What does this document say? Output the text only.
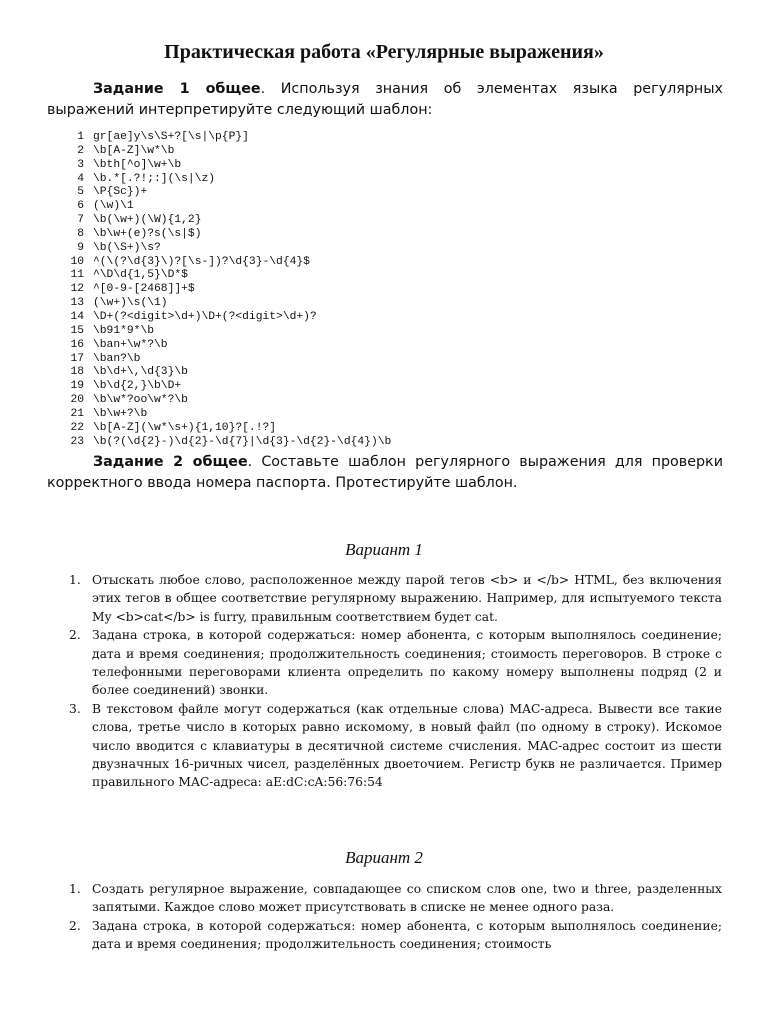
Практическая работа «Регулярные выражения»

Задание 1 общее. Используя знания об элементах языка регулярных выражений интерпретируйте следующий шаблон:

1 gr[ae]y\s\S+?[\s|\p{P}]
2 \b[A-Z]\w*\b
3 \bth[^o]\w+\b
4 \b.*[.?!;:](\s|\z)
5 \P{Sc})+
6 (\w)\1
7 \b(\w+)(\W){1,2}
8 \b\w+(e)?s(\s|$)
9 \b(\S+)\s?
10 ^(\(?\d{3}\)?[\s-])?\d{3}-\d{4}$
11 ^\D\d{1,5}\D*$
12 ^[0-9-[2468]]+$
13 (\w+)\s(\1)
14 \D+(?<digit>\d+)\D+(?<digit>\d+)?
15 \b91*9*\b
16 \ban+\w*?\b
17 \ban?\b
18 \b\d+\,\d{3}\b
19 \b\d{2,}\b\D+
20 \b\w*?oo\w*?\b
21 \b\w+?\b
22 \b[A-Z](\w*\s+){1,10}?[.!?]
23 \b(?(\d{2}-)\d{2}-\d{7}|\d{3}-\d{2}-\d{4})\b

Задание 2 общее. Составьте шаблон регулярного выражения для проверки корректного ввода номера паспорта. Протестируйте шаблон.

Вариант 1
1. Отыскать любое слово, расположенное между парой тегов <b> и </b> HTML, без включения этих тегов в общее соответствие регулярному выражению. Например, для испытуемого текста My <b>cat</b> is furry, правильным соответствием будет cat.
2. Задана строка, в которой содержаться: номер абонента, с которым выполнялось соединение; дата и время соединения; продолжительность соединения; стоимость переговоров. В строке с телефонными переговорами клиента определить по какому номеру выполнены подряд (2 и более соединений) звонки.
3. В текстовом файле могут содержаться (как отдельные слова) MAC-адреса. Вывести все такие слова, третье число в которых равно искомому, в новый файл (по одному в строку). Искомое число вводится с клавиатуры в десятичной системе счисления. MAC-адрес состоит из шести двузначных 16-ричных чисел, разделённых двоеточием. Регистр букв не различается. Пример правильного MAC-адреса: aE:dC:cA:56:76:54
Вариант 2
1. Создать регулярное выражение, совпадающее со списком слов one, two и three, разделенных запятыми. Каждое слово может присутствовать в списке не менее одного раза.
2. Задана строка, в которой содержаться: номер абонента, с которым выполнялось соединение; дата и время соединения; продолжительность соединения; стоимость
